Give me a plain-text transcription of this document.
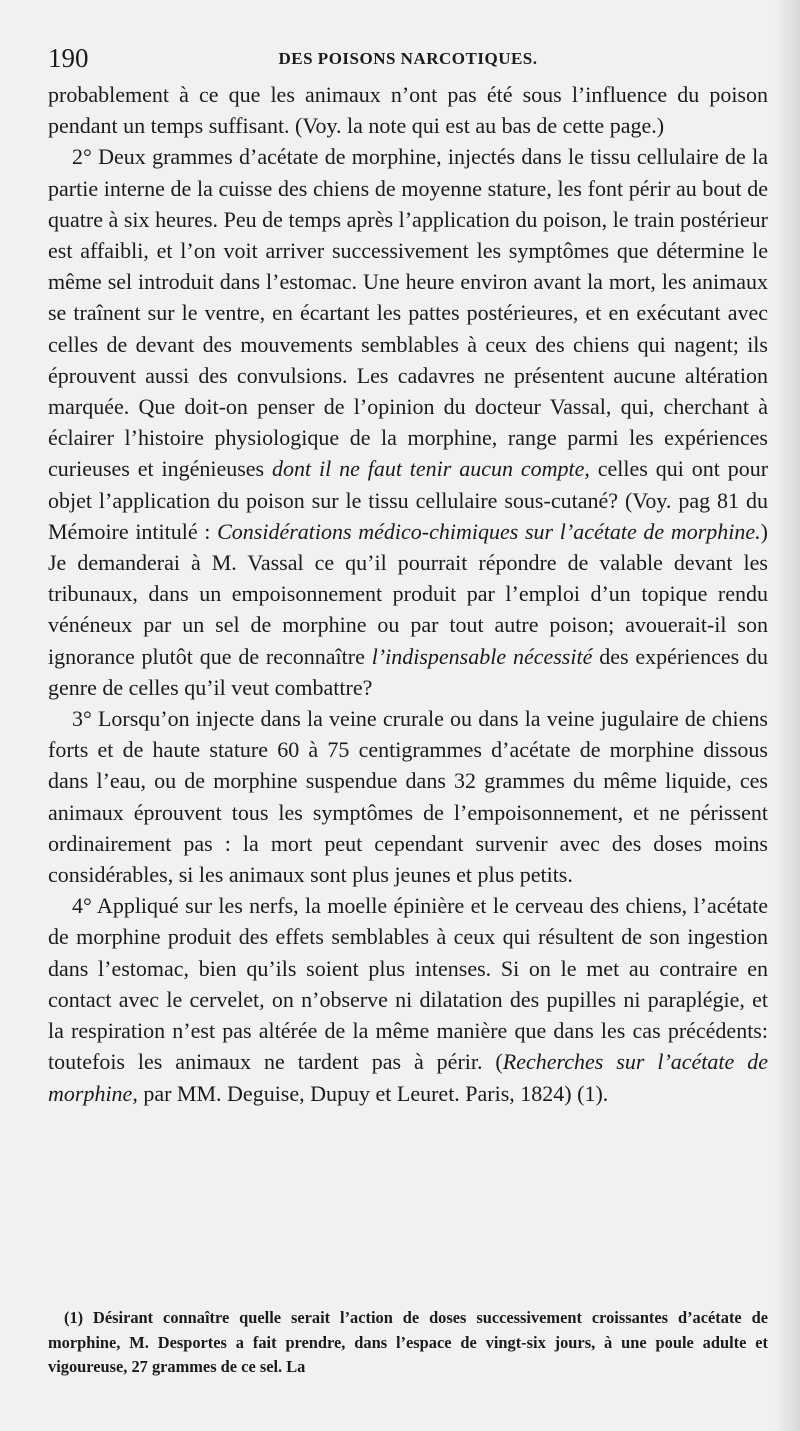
190	DES POISONS NARCOTIQUES.

probablement à ce que les animaux n’ont pas été sous l’influence du poison pendant un temps suffisant. (Voy. la note qui est au bas de cette page.)

2° Deux grammes d’acétate de morphine, injectés dans le tissu cellulaire de la partie interne de la cuisse des chiens de moyenne stature, les font périr au bout de quatre à six heures. Peu de temps après l’application du poison, le train postérieur est affaibli, et l’on voit arriver successivement les symptômes que détermine le même sel introduit dans l’estomac. Une heure environ avant la mort, les animaux se traînent sur le ventre, en écartant les pattes postérieures, et en exécutant avec celles de devant des mouvements semblables à ceux des chiens qui nagent; ils éprouvent aussi des convulsions. Les cadavres ne présentent aucune altération marquée. Que doit-on penser de l’opinion du docteur Vassal, qui, cherchant à éclairer l’histoire physiologique de la morphine, range parmi les expériences curieuses et ingénieuses dont il ne faut tenir aucun compte, celles qui ont pour objet l’application du poison sur le tissu cellulaire sous-cutané? (Voy. pag 81 du Mémoire intitulé : Considérations médico-chimiques sur l’acétate de morphine.) Je demanderai à M. Vassal ce qu’il pourrait répondre de valable devant les tribunaux, dans un empoisonnement produit par l’emploi d’un topique rendu vénéneux par un sel de morphine ou par tout autre poison; avouerait-il son ignorance plutôt que de reconnaître l’indispensable nécessité des expériences du genre de celles qu’il veut combattre?

3° Lorsqu’on injecte dans la veine crurale ou dans la veine jugulaire de chiens forts et de haute stature 60 à 75 centigrammes d’acétate de morphine dissous dans l’eau, ou de morphine suspendue dans 32 grammes du même liquide, ces animaux éprouvent tous les symptômes de l’empoisonnement, et ne périssent ordinairement pas : la mort peut cependant survenir avec des doses moins considérables, si les animaux sont plus jeunes et plus petits.

4° Appliqué sur les nerfs, la moelle épinière et le cerveau des chiens, l’acétate de morphine produit des effets semblables à ceux qui résultent de son ingestion dans l’estomac, bien qu’ils soient plus intenses. Si on le met au contraire en contact avec le cervelet, on n’observe ni dilatation des pupilles ni paraplégie, et la respiration n’est pas altérée de la même manière que dans les cas précédents: toutefois les animaux ne tardent pas à périr. (Recherches sur l’acétate de morphine, par MM. Deguise, Dupuy et Leuret. Paris, 1824) (1).

(1) Désirant connaître quelle serait l’action de doses successivement croissantes d’acétate de morphine, M. Desportes a fait prendre, dans l’espace de vingt-six jours, à une poule adulte et vigoureuse, 27 grammes de ce sel. La
